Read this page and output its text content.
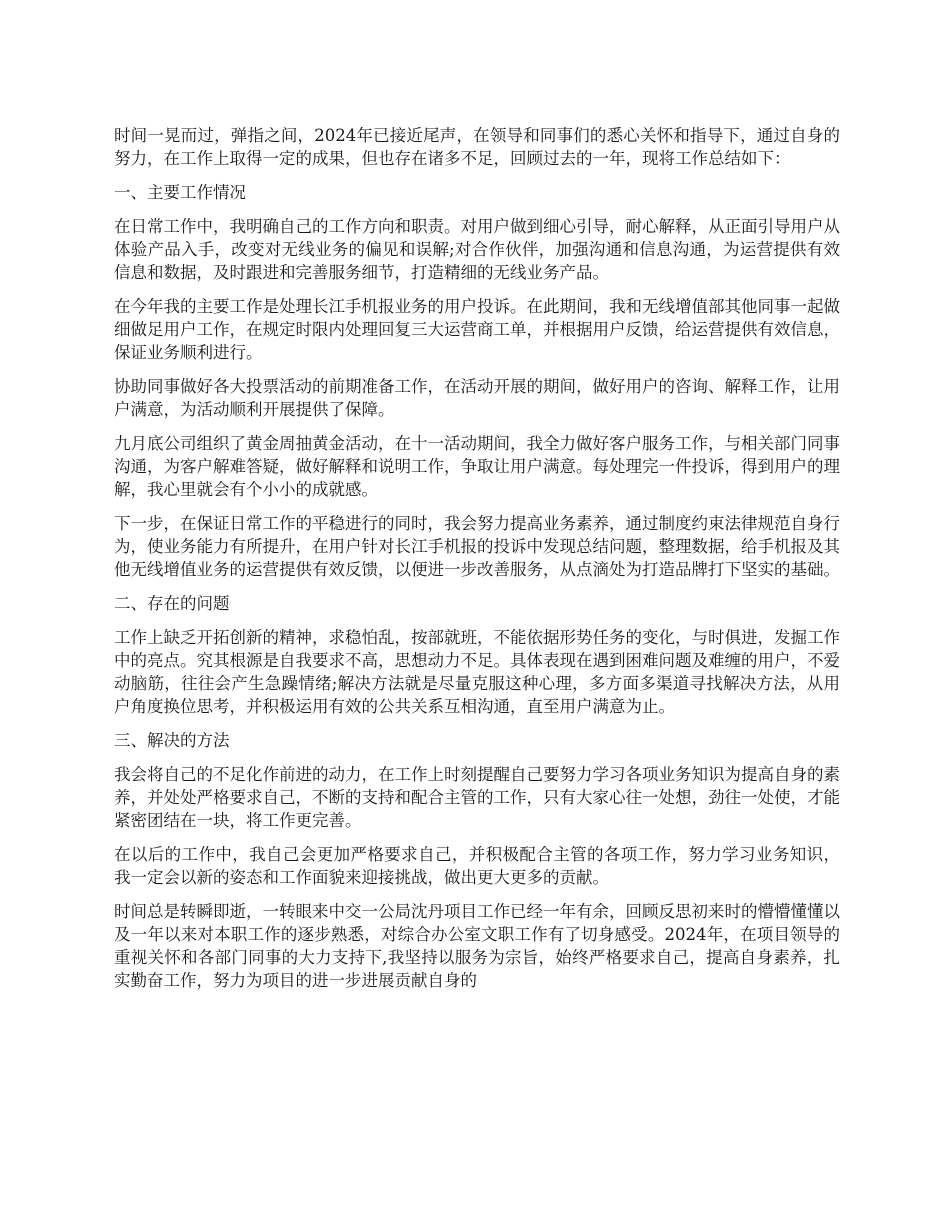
时间一晃而过，弹指之间，2024年已接近尾声，在领导和同事们的悉心关怀和指导下，通过自身的努力，在工作上取得一定的成果，但也存在诸多不足，回顾过去的一年，现将工作总结如下：

一、主要工作情况

在日常工作中，我明确自己的工作方向和职责。对用户做到细心引导，耐心解释，从正面引导用户从体验产品入手，改变对无线业务的偏见和误解;对合作伙伴，加强沟通和信息沟通，为运营提供有效信息和数据，及时跟进和完善服务细节，打造精细的无线业务产品。

在今年我的主要工作是处理长江手机报业务的用户投诉。在此期间，我和无线增值部其他同事一起做细做足用户工作，在规定时限内处理回复三大运营商工单，并根据用户反馈，给运营提供有效信息，保证业务顺利进行。

协助同事做好各大投票活动的前期准备工作，在活动开展的期间，做好用户的咨询、解释工作，让用户满意，为活动顺利开展提供了保障。

九月底公司组织了黄金周抽黄金活动，在十一活动期间，我全力做好客户服务工作，与相关部门同事沟通，为客户解难答疑，做好解释和说明工作，争取让用户满意。每处理完一件投诉，得到用户的理解，我心里就会有个小小的成就感。

下一步，在保证日常工作的平稳进行的同时，我会努力提高业务素养，通过制度约束法律规范自身行为，使业务能力有所提升，在用户针对长江手机报的投诉中发现总结问题，整理数据，给手机报及其他无线增值业务的运营提供有效反馈，以便进一步改善服务，从点滴处为打造品牌打下坚实的基础。

二、存在的问题

工作上缺乏开拓创新的精神，求稳怕乱，按部就班，不能依据形势任务的变化，与时俱进，发掘工作中的亮点。究其根源是自我要求不高，思想动力不足。具体表现在遇到困难问题及难缠的用户，不爱动脑筋，往往会产生急躁情绪;解决方法就是尽量克服这种心理，多方面多渠道寻找解决方法，从用户角度换位思考，并积极运用有效的公共关系互相沟通，直至用户满意为止。

三、解决的方法

我会将自己的不足化作前进的动力，在工作上时刻提醒自己要努力学习各项业务知识为提高自身的素养，并处处严格要求自己，不断的支持和配合主管的工作，只有大家心往一处想，劲往一处使，才能紧密团结在一块，将工作更完善。

在以后的工作中，我自己会更加严格要求自己，并积极配合主管的各项工作，努力学习业务知识， 我一定会以新的姿态和工作面貌来迎接挑战，做出更大更多的贡献。

时间总是转瞬即逝，一转眼来中交一公局沈丹项目工作已经一年有余，回顾反思初来时的懵懵懂懂以及一年以来对本职工作的逐步熟悉，对综合办公室文职工作有了切身感受。2024年，在项目领导的重视关怀和各部门同事的大力支持下,我坚持以服务为宗旨，始终严格要求自己，提高自身素养，扎实勤奋工作，努力为项目的进一步进展贡献自身的
